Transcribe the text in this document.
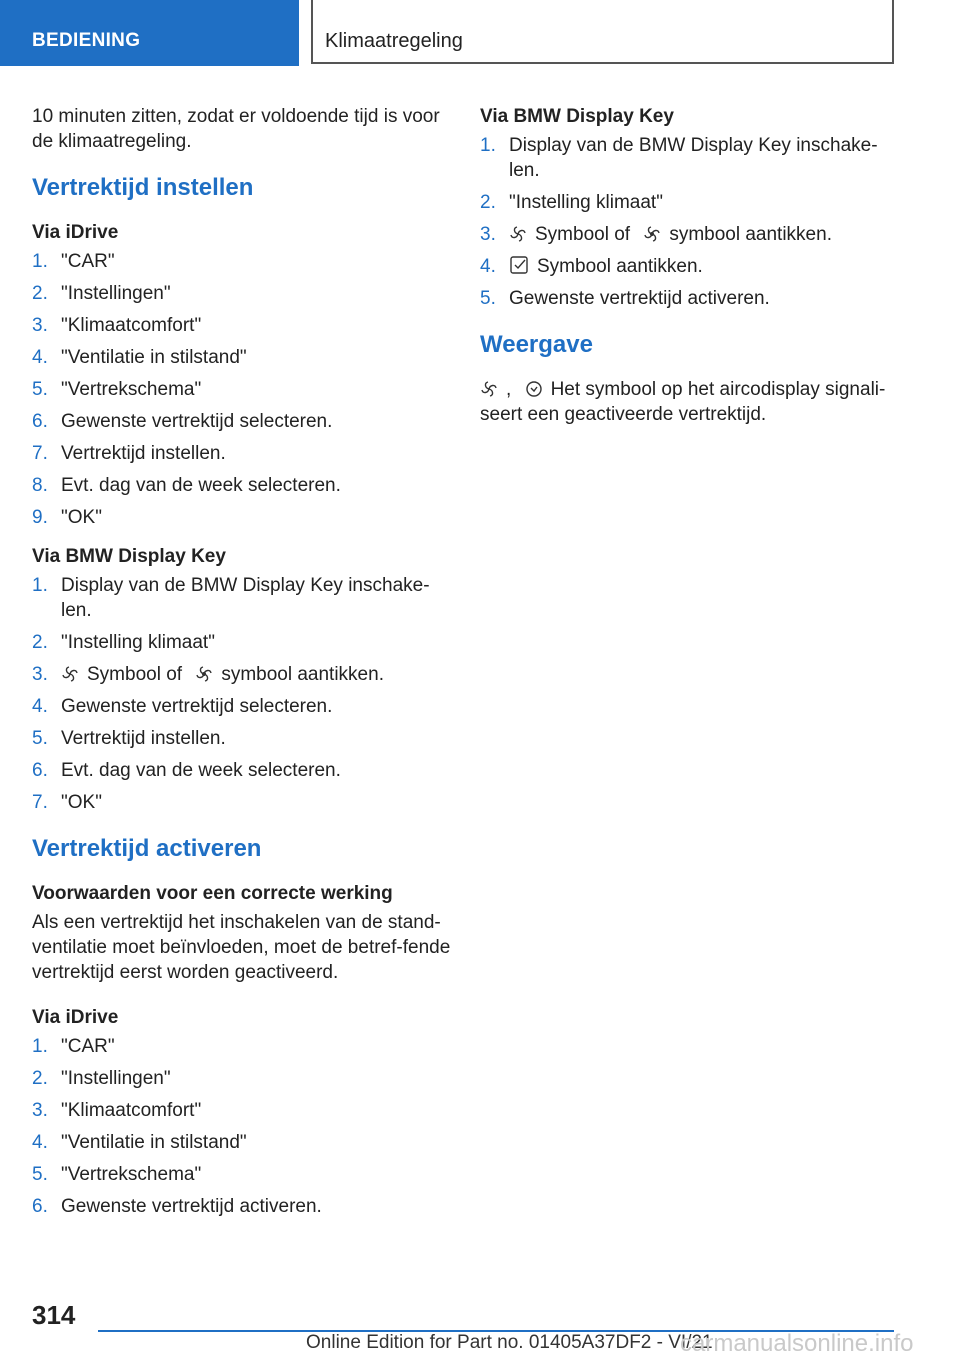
BEDIENING	Klimaatregeling

10 minuten zitten, zodat er voldoende tijd is voor de klimaatregeling.

Vertrektijd instellen
Via iDrive
1. "CAR"
2. "Instellingen"
3. "Klimaatcomfort"
4. "Ventilatie in stilstand"
5. "Vertrekschema"
6. Gewenste vertrektijd selecteren.
7. Vertrektijd instellen.
8. Evt. dag van de week selecteren.
9. "OK"
Via BMW Display Key
1. Display van de BMW Display Key inschake-len.
2. "Instelling klimaat"
3. Symbool of symbool aantikken.
4. Gewenste vertrektijd selecteren.
5. Vertrektijd instellen.
6. Evt. dag van de week selecteren.
7. "OK"
Vertrektijd activeren
Voorwaarden voor een correcte werking

Als een vertrektijd het inschakelen van de stand-ventilatie moet beïnvloeden, moet de betref-fende vertrektijd eerst worden geactiveerd.

Via iDrive
1. "CAR"
2. "Instellingen"
3. "Klimaatcomfort"
4. "Ventilatie in stilstand"
5. "Vertrekschema"
6. Gewenste vertrektijd activeren.
Via BMW Display Key
1. Display van de BMW Display Key inschake-len.
2. "Instelling klimaat"
3. Symbool of symbool aantikken.
4. Symbool aantikken.
5. Gewenste vertrektijd activeren.
Weergave

, Het symbool op het aircodisplay signali-seert een geactiveerde vertrektijd.

314
Online Edition for Part no. 01405A37DF2 - VI/21
carmanualsonline.info
